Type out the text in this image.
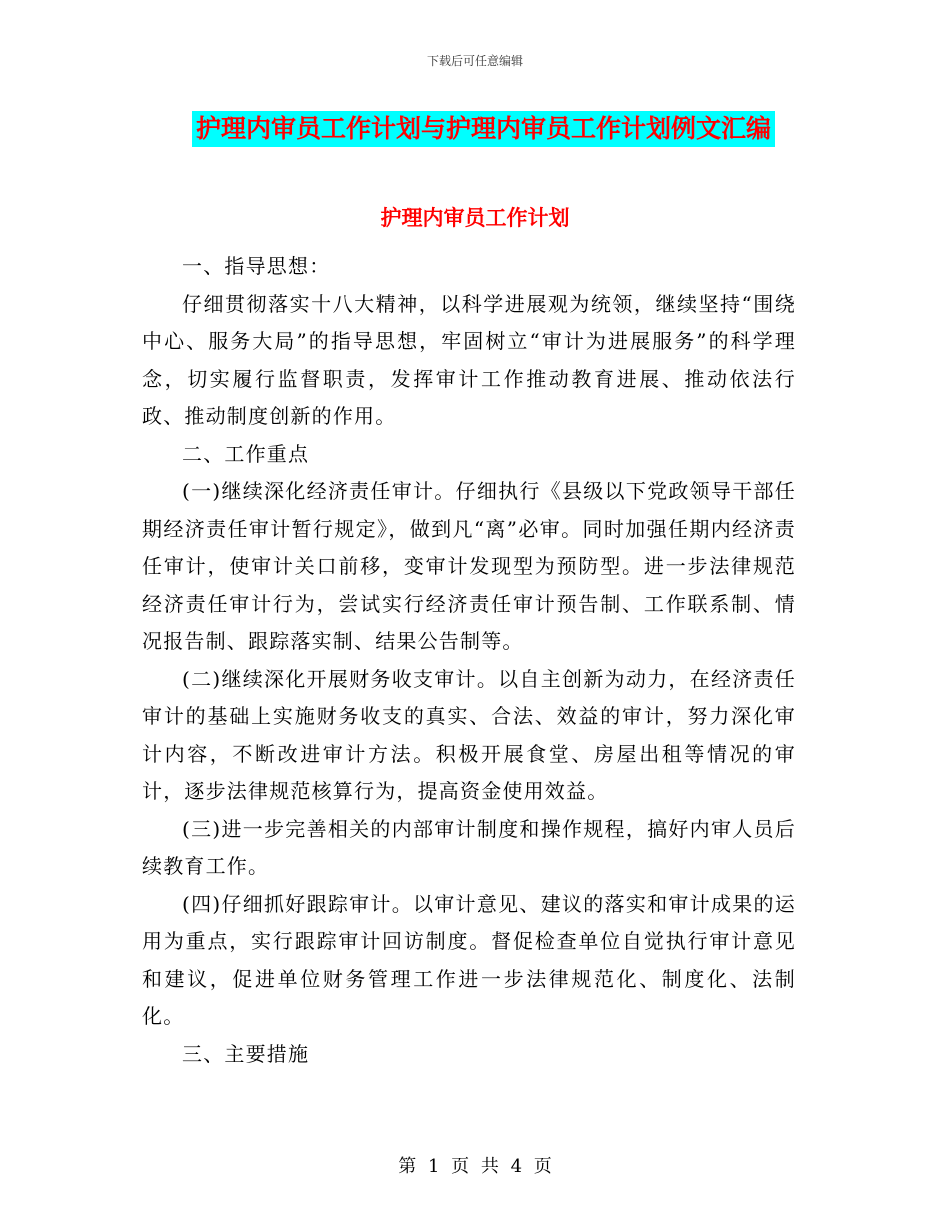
下载后可任意编辑
护理内审员工作计划与护理内审员工作计划例文汇编
护理内审员工作计划

一、指导思想：

仔细贯彻落实十八大精神，以科学进展观为统领，继续坚持“围绕中心、服务大局”的指导思想，牢固树立“审计为进展服务”的科学理念，切实履行监督职责，发挥审计工作推动教育进展、推动依法行政、推动制度创新的作用。

二、工作重点

(一)继续深化经济责任审计。仔细执行《县级以下党政领导干部任期经济责任审计暂行规定》，做到凡“离”必审。同时加强任期内经济责任审计，使审计关口前移，变审计发现型为预防型。进一步法律规范经济责任审计行为，尝试实行经济责任审计预告制、工作联系制、情况报告制、跟踪落实制、结果公告制等。

(二)继续深化开展财务收支审计。以自主创新为动力，在经济责任审计的基础上实施财务收支的真实、合法、效益的审计，努力深化审计内容，不断改进审计方法。积极开展食堂、房屋出租等情况的审计，逐步法律规范核算行为，提高资金使用效益。

(三)进一步完善相关的内部审计制度和操作规程，搞好内审人员后续教育工作。

(四)仔细抓好跟踪审计。以审计意见、建议的落实和审计成果的运用为重点，实行跟踪审计回访制度。督促检查单位自觉执行审计意见和建议，促进单位财务管理工作进一步法律规范化、制度化、法制化。

三、主要措施

第 1 页 共 4 页
